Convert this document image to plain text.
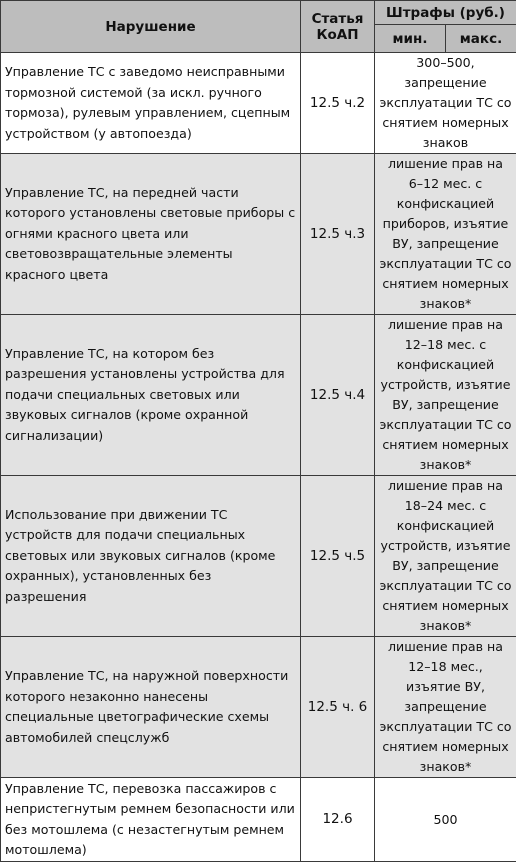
Нарушение	Статья КоАП	Штрафы (руб.)	
		мин.	макс.
Управление ТС с заведомо неисправными тормозной системой (за искл. ручного тормоза), рулевым управлением, сцепным устройством (у автопоезда)	12.5 ч.2	300–500, запрещение эксплуатации ТС со снятием номерных знаков	
Управление ТС, на передней части которого установлены световые приборы с огнями красного цвета или световозвращательные элементы красного цвета	12.5 ч.3	лишение прав на 6–12 мес. с конфискацией приборов, изъятие ВУ, запрещение эксплуатации ТС со снятием номерных знаков*	
Управление ТС, на котором без разрешения установлены устройства для подачи специальных световых или звуковых сигналов (кроме охранной сигнализации)	12.5 ч.4	лишение прав на 12–18 мес. с конфискацией устройств, изъятие ВУ, запрещение эксплуатации ТС со снятием номерных знаков*	
Использование при движении ТС устройств для подачи специальных световых или звуковых сигналов (кроме охранных), установленных без разрешения	12.5 ч.5	лишение прав на 18–24 мес. с конфискацией устройств, изъятие ВУ, запрещение эксплуатации ТС со снятием номерных знаков*	
Управление ТС, на наружной поверхности которого незаконно нанесены специальные цветографические схемы автомобилей спецслужб	12.5 ч. 6	лишение прав на 12–18 мес., изъятие ВУ, запрещение эксплуатации ТС со снятием номерных знаков*	
Управление ТС, перевозка пассажиров с непристегнутым ремнем безопасности или без мотошлема (с незастегнутым ремнем мотошлема)	12.6	500	
